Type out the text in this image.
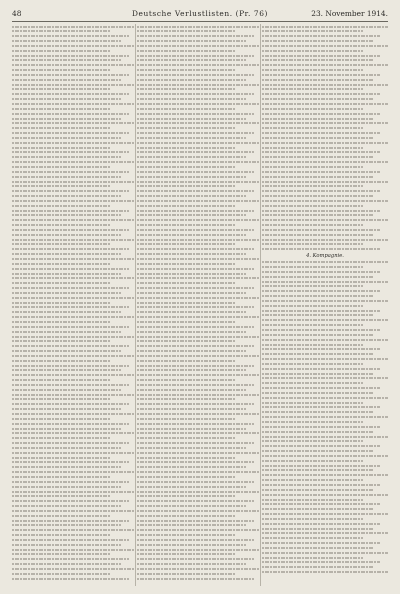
48	Deutsche Verlustlisten. (Pr. 76)	23. November 1914.
4. Kompagnie.
